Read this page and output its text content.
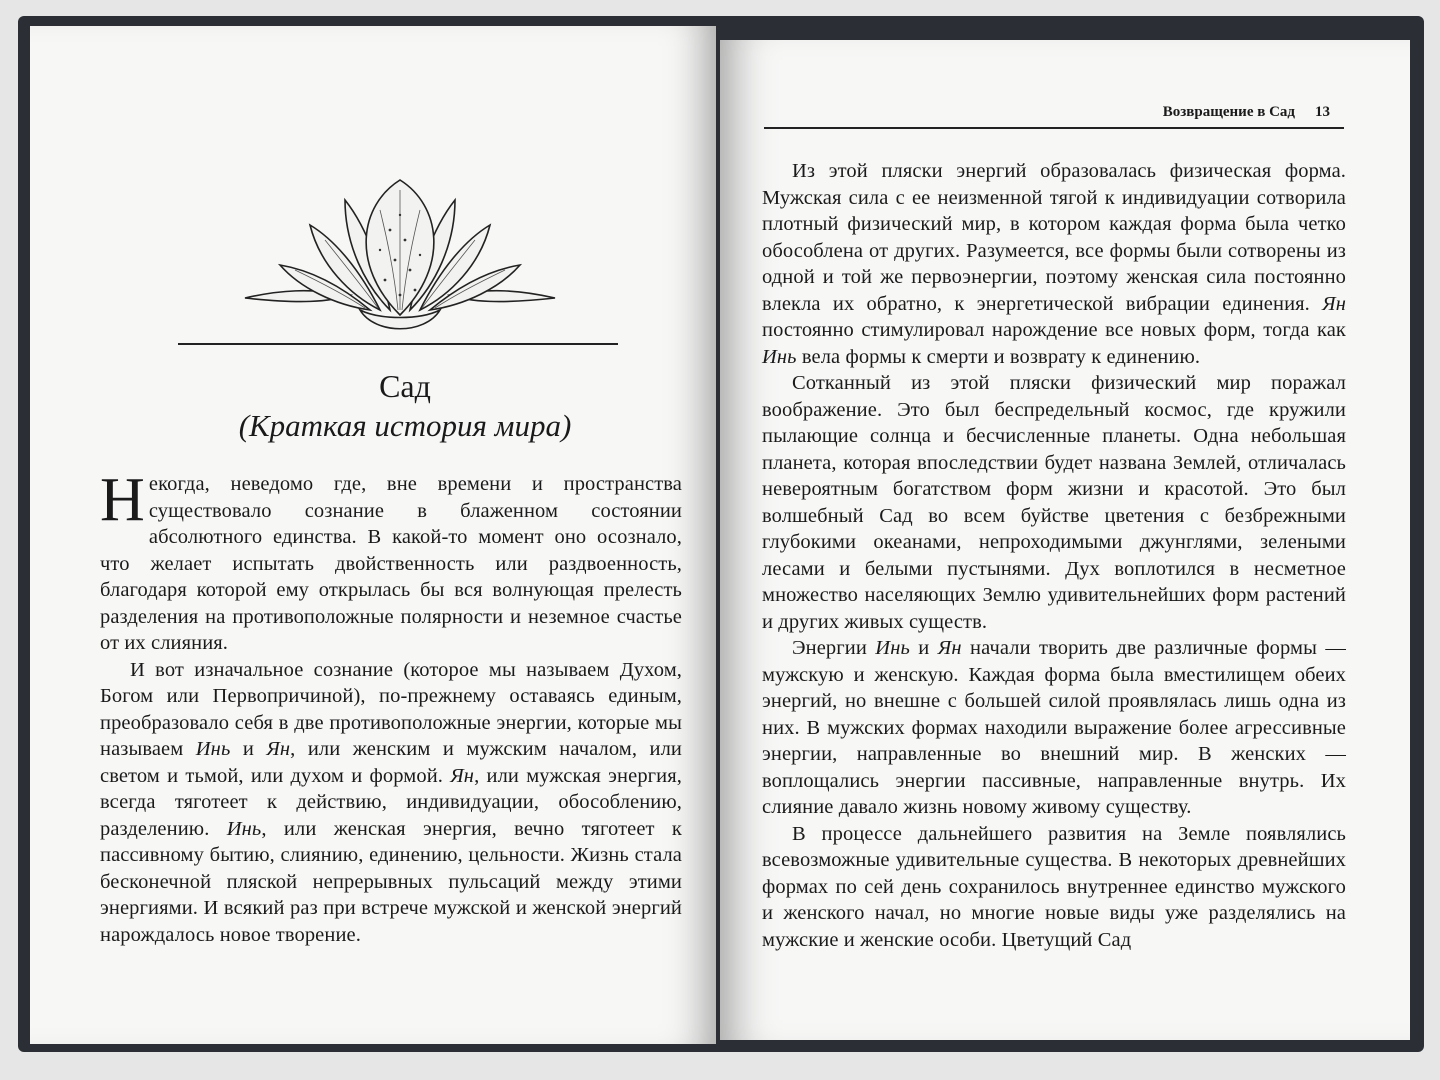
Сад
(Краткая история мира)

Некогда, неведомо где, вне времени и пространства существовало сознание в блаженном состоянии абсолютного единства. В какой-то момент оно осознало, что желает испытать двойственность или раздвоенность, благодаря которой ему открылась бы вся волнующая прелесть разделения на противоположные полярности и неземное счастье от их слияния.

И вот изначальное сознание (которое мы называем Духом, Богом или Первопричиной), по-прежнему оставаясь единым, преобразовало себя в две противоположные энергии, которые мы называем Инь и Ян, или женским и мужским началом, или светом и тьмой, или духом и формой. Ян, или мужская энергия, всегда тяготеет к действию, индивидуации, обособлению, разделению. Инь, или женская энергия, вечно тяготеет к пассивному бытию, слиянию, единению, цельности. Жизнь стала бесконечной пляской непрерывных пульсаций между этими энергиями. И всякий раз при встрече мужской и женской энергий нарождалось новое творение.

Возвращение в Сад 13

Из этой пляски энергий образовалась физическая форма. Мужская сила с ее неизменной тягой к индивидуации сотворила плотный физический мир, в котором каждая форма была четко обособлена от других. Разумеется, все формы были сотворены из одной и той же первоэнергии, поэтому женская сила постоянно влекла их обратно, к энергетической вибрации единения. Ян постоянно стимулировал нарождение все новых форм, тогда как Инь вела формы к смерти и возврату к единению.

Сотканный из этой пляски физический мир поражал воображение. Это был беспредельный космос, где кружили пылающие солнца и бесчисленные планеты. Одна небольшая планета, которая впоследствии будет названа Землей, отличалась невероятным богатством форм жизни и красотой. Это был волшебный Сад во всем буйстве цветения с безбрежными глубокими океанами, непроходимыми джунглями, зелеными лесами и белыми пустынями. Дух воплотился в несметное множество населяющих Землю удивительнейших форм растений и других живых существ.

Энергии Инь и Ян начали творить две различные формы — мужскую и женскую. Каждая форма была вместилищем обеих энергий, но внешне с большей силой проявлялась лишь одна из них. В мужских формах находили выражение более агрессивные энергии, направленные во внешний мир. В женских — воплощались энергии пассивные, направленные внутрь. Их слияние давало жизнь новому живому существу.

В процессе дальнейшего развития на Земле появлялись всевозможные удивительные существа. В некоторых древнейших формах по сей день сохранилось внутреннее единство мужского и женского начал, но многие новые виды уже разделялись на мужские и женские особи. Цветущий Сад
